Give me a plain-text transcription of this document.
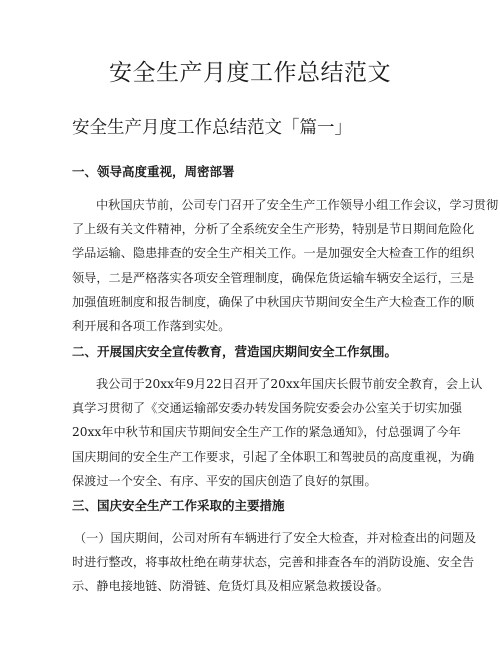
安全生产月度工作总结范文
安全生产月度工作总结范文「篇一」
一、领导高度重视，周密部署
中秋国庆节前，公司专门召开了安全生产工作领导小组工作会议，学习贯彻
了上级有关文件精神，分析了全系统安全生产形势，特别是节日期间危险化
学品运输、隐患排查的安全生产相关工作。一是加强安全大检查工作的组织
领导，二是严格落实各项安全管理制度，确保危货运输车辆安全运行，三是
加强值班制度和报告制度，确保了中秋国庆节期间安全生产大检查工作的顺
利开展和各项工作落到实处。
二、开展国庆安全宣传教育，营造国庆期间安全工作氛围。
我公司于20xx年9月22日召开了20xx年国庆长假节前安全教育，会上认
真学习贯彻了《交通运输部安委办转发国务院安委会办公室关于切实加强
20xx年中秋节和国庆节期间安全生产工作的紧急通知》，付总强调了今年
国庆期间的安全生产工作要求，引起了全体职工和驾驶员的高度重视，为确
保渡过一个安全、有序、平安的国庆创造了良好的氛围。
三、国庆安全生产工作采取的主要措施
（一）国庆期间，公司对所有车辆进行了安全大检查，并对检查出的问题及
时进行整改，将事故杜绝在萌芽状态，完善和排查各车的消防设施、安全告
示、静电接地链、防滑链、危货灯具及相应紧急救援设备。
